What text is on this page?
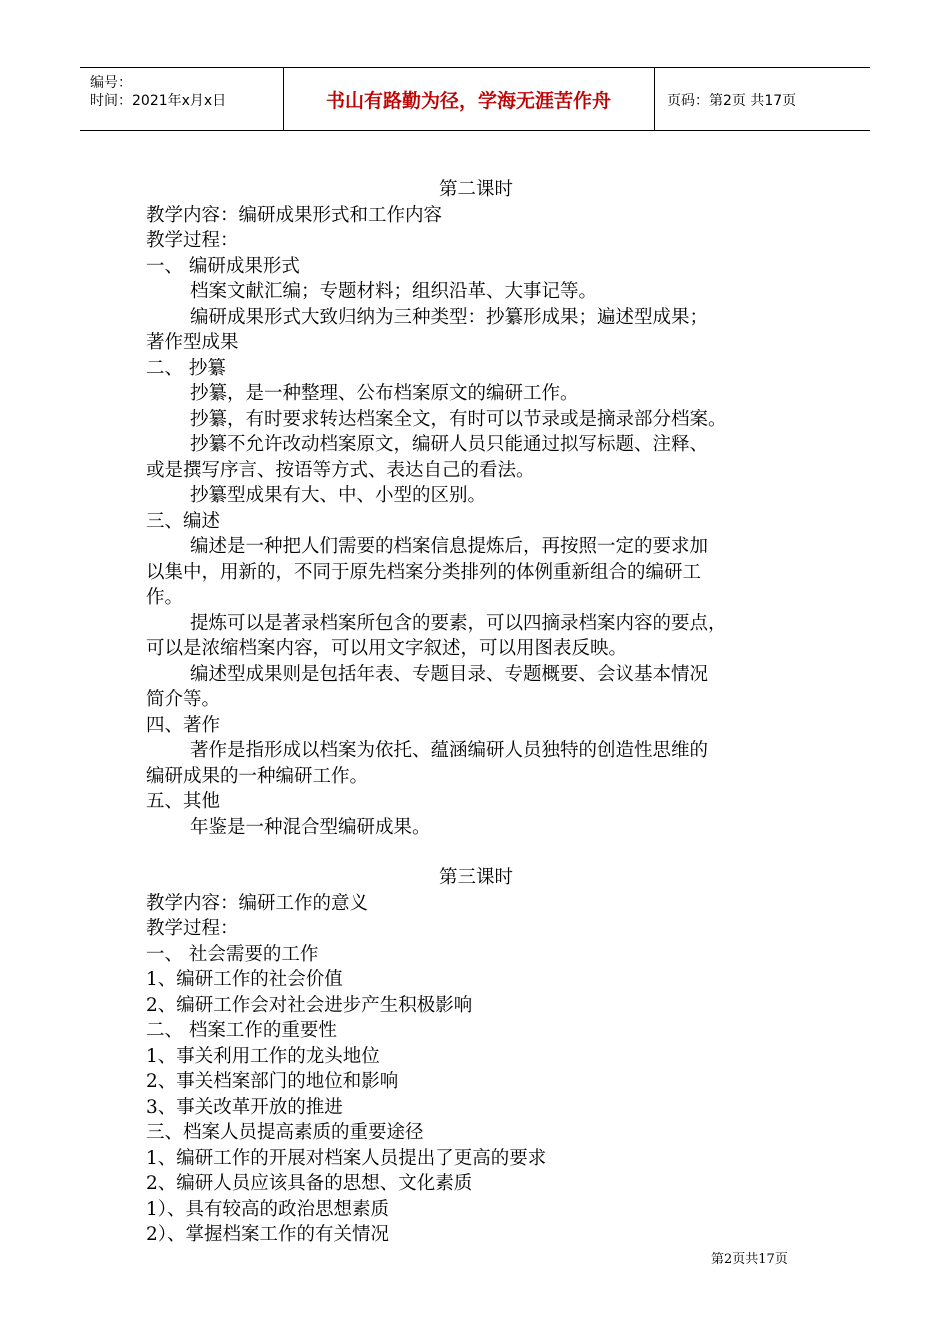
编号：
时间：2021年x月x日	书山有路勤为径，学海无涯苦作舟	页码：第2页 共17页
第二课时
教学内容：编研成果形式和工作内容
教学过程：
一、 编研成果形式
档案文献汇编；专题材料；组织沿革、大事记等。
编研成果形式大致归纳为三种类型：抄纂形成果；遍述型成果；
著作型成果
二、 抄纂
抄纂，是一种整理、公布档案原文的编研工作。
抄纂，有时要求转达档案全文，有时可以节录或是摘录部分档案。
抄纂不允许改动档案原文，编研人员只能通过拟写标题、注释、
或是撰写序言、按语等方式、表达自己的看法。
抄纂型成果有大、中、小型的区别。
三、编述
编述是一种把人们需要的档案信息提炼后，再按照一定的要求加
以集中，用新的，不同于原先档案分类排列的体例重新组合的编研工
作。
提炼可以是著录档案所包含的要素，可以四摘录档案内容的要点，
可以是浓缩档案内容，可以用文字叙述，可以用图表反映。
编述型成果则是包括年表、专题目录、专题概要、会议基本情况
简介等。
四、著作
著作是指形成以档案为依托、蕴涵编研人员独特的创造性思维的
编研成果的一种编研工作。
五、其他
年鉴是一种混合型编研成果。
第三课时
教学内容：编研工作的意义
教学过程：
一、 社会需要的工作
1、编研工作的社会价值
2、编研工作会对社会进步产生积极影响
二、 档案工作的重要性
1、事关利用工作的龙头地位
2、事关档案部门的地位和影响
3、事关改革开放的推进
三、档案人员提高素质的重要途径
1、编研工作的开展对档案人员提出了更高的要求
2、编研人员应该具备的思想、文化素质
1）、具有较高的政治思想素质
2）、掌握档案工作的有关情况
第2页共17页
